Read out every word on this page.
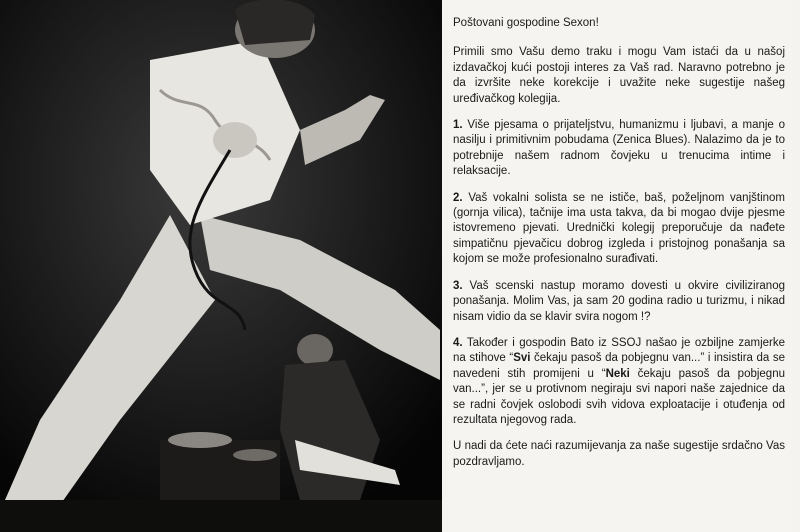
Poštovani gospodine Sexon!

Primili smo Vašu demo traku i mogu Vam istaći da u našoj izdavačkoj kući postoji interes za Vaš rad. Naravno potrebno je da izvršite neke korekcije i uvažite neke sugestije našeg uređivačkog kolegija.

1. Više pjesama o prijateljstvu, humanizmu i ljubavi, a manje o nasilju i primitivnim pobudama (Zenica Blues). Nalazimo da je to potrebnije našem radnom čovjeku u trenucima intime i relaksacije.

2. Vaš vokalni solista se ne ističe, baš, poželjnom vanjštinom (gornja vilica), tačnije ima usta takva, da bi mogao dvije pjesme istovremeno pjevati. Urednički kolegij preporučuje da nađete simpatičnu pjevačicu dobrog izgleda i pristojnog ponašanja sa kojom se može profesionalno surađivati.

3. Vaš scenski nastup moramo dovesti u okvire civiliziranog ponašanja. Molim Vas, ja sam 20 godina radio u turizmu, i nikad nisam vidio da se klavir svira nogom !?

4. Također i gospodin Bato iz SSOJ našao je ozbiljne zamjerke na stihove “Svi čekaju pasoš da pobjegnu van...” i insistira da se navedeni stih promijeni u “Neki čekaju pasoš da pobjegnu van...”, jer se u protivnom negiraju svi napori naše zajednice da se radni čovjek oslobodi svih vidova exploatacije i otuđenja od rezultata njegovog rada.

U nadi da ćete naći razumijevanja za naše sugestije srdačno Vas pozdravljamo.
